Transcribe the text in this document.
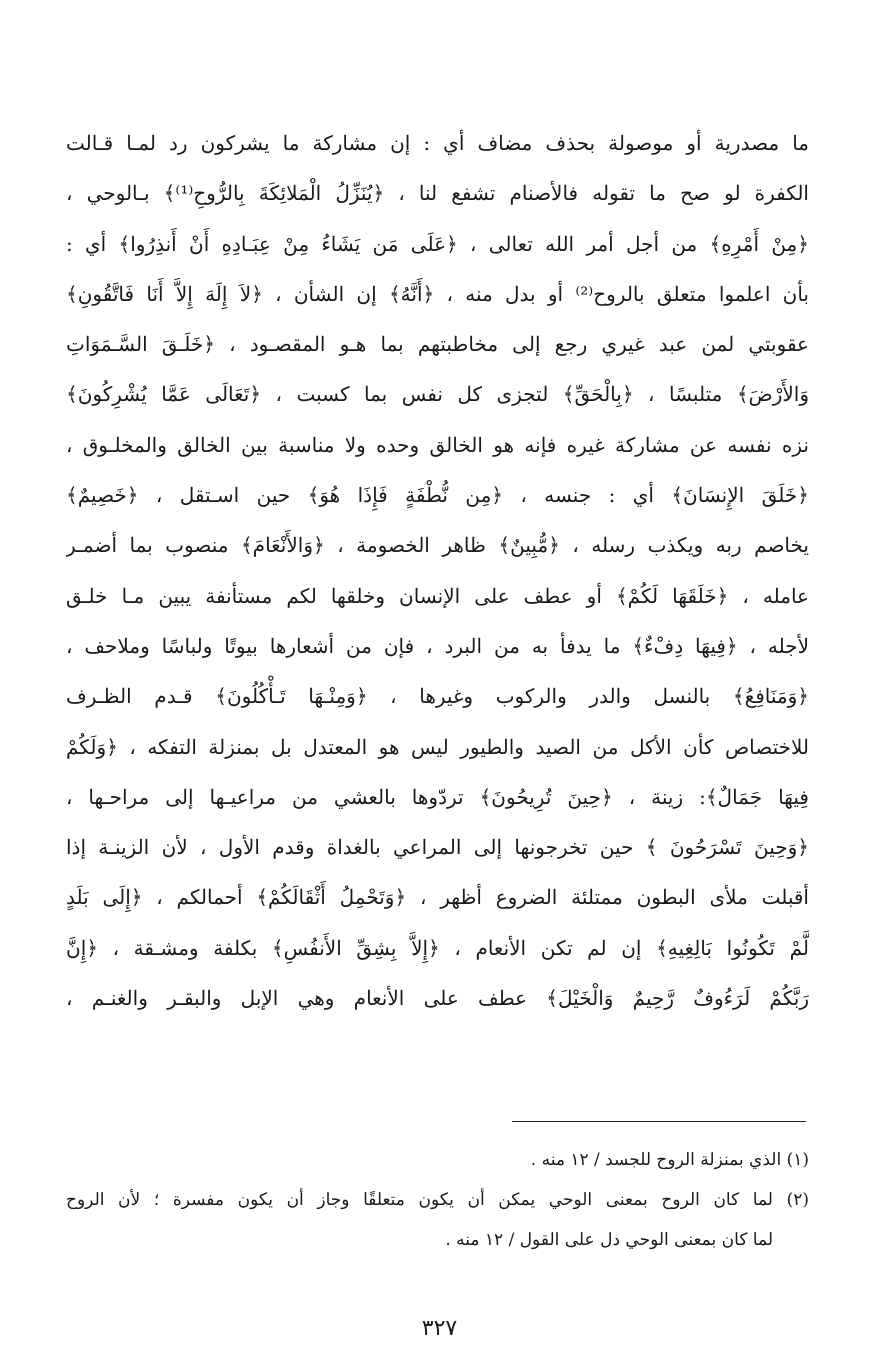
ما مصدرية أو موصولة بحذف مضاف أي : إن مشاركة ما يشركون رد لمـا قـالت
الكفرة لو صح ما تقوله فالأصنام تشفع لنا ، ﴿يُنَزِّلُ الْمَلائِكَةَ بِالرُّوحِ⁽¹⁾﴾ بـالوحي ،
﴿مِنْ أَمْرِهِ﴾ من أجل أمر الله تعالى ، ﴿عَلَى مَن يَشَاءُ مِنْ عِبَـادِهِ أَنْ أَنذِرُوا﴾ أي :
بأن اعلموا متعلق بالروح⁽²⁾ أو بدل منه ، ﴿أَنَّهُ﴾ إن الشأن ، ﴿لاَ إِلَهَ إِلاَّ أَنَا فَاتَّقُونِ﴾
عقوبتي لمن عبد غيري رجع إلى مخاطبتهم بما هـو المقصـود ، ﴿خَلَـقَ السَّـمَوَاتِ
وَالأَرْضَ﴾ متلبسًا ، ﴿بِالْحَقِّ﴾ لتجزى كل نفس بما كسبت ، ﴿تَعَالَى عَمَّا يُشْرِكُونَ﴾
نزه نفسه عن مشاركة غيره فإنه هو الخالق وحده ولا مناسبة بين الخالق والمخلـوق ،
﴿خَلَقَ الإِنسَانَ﴾ أي : جنسه ، ﴿مِن نُّطْفَةٍ فَإِذَا هُوَ﴾ حين اسـتقل ، ﴿خَصِيمٌ﴾
يخاصم ربه ويكذب رسله ، ﴿مُّبِينٌ﴾ ظاهر الخصومة ، ﴿وَالأَنْعَامَ﴾ منصوب بما أضمـر
عامله ، ﴿خَلَقَهَا لَكُمْ﴾ أو عطف على الإنسان وخلقها لكم مستأنفة يبين مـا خلـق
لأجله ، ﴿فِيهَا دِفْءٌ﴾ ما يدفأ به من البرد ، فإن من أشعارها بيوتًا ولباسًا وملاحف ،
﴿وَمَنَافِعُ﴾ بالنسل والدر والركوب وغيرها ، ﴿وَمِنْـهَا تَـأْكُلُونَ﴾ قـدم الظـرف
للاختصاص كأن الأكل من الصيد والطيور ليس هو المعتدل بل بمنزلة التفكه ، ﴿وَلَكُمْ
فِيهَا جَمَالٌ﴾: زينة ، ﴿حِينَ تُرِيحُونَ﴾ تردّوها بالعشي من مراعيـها إلى مراحـها ،
﴿وَحِينَ تَسْرَحُونَ ﴾ حين تخرجونها إلى المراعي بالغداة وقدم الأول ، لأن الزينـة إذا
أقبلت ملأى البطون ممتلئة الضروع أظهر ، ﴿وَتَحْمِلُ أَثْقَالَكُمْ﴾ أحمالكم ، ﴿إِلَى بَلَدٍ
لَّمْ تَكُونُوا بَالِغِيهِ﴾ إن لم تكن الأنعام ، ﴿إِلاَّ بِشِقِّ الأَنفُسِ﴾ بكلفة ومشـقة ، ﴿إِنَّ
رَبَّكُمْ لَرَءُوفٌ رَّحِيمٌ وَالْخَيْلَ﴾ عطف على الأنعام وهي الإبل والبقـر والغنـم ،
(١) الذي بمنزلة الروح للجسد / ١٢ منه .
(٢) لما كان الروح بمعنى الوحي يمكن أن يكون متعلقًا وجاز أن يكون مفسرة ؛ لأن الروح
لما كان بمعنى الوحي دل على القول / ١٢ منه .
٣٢٧
